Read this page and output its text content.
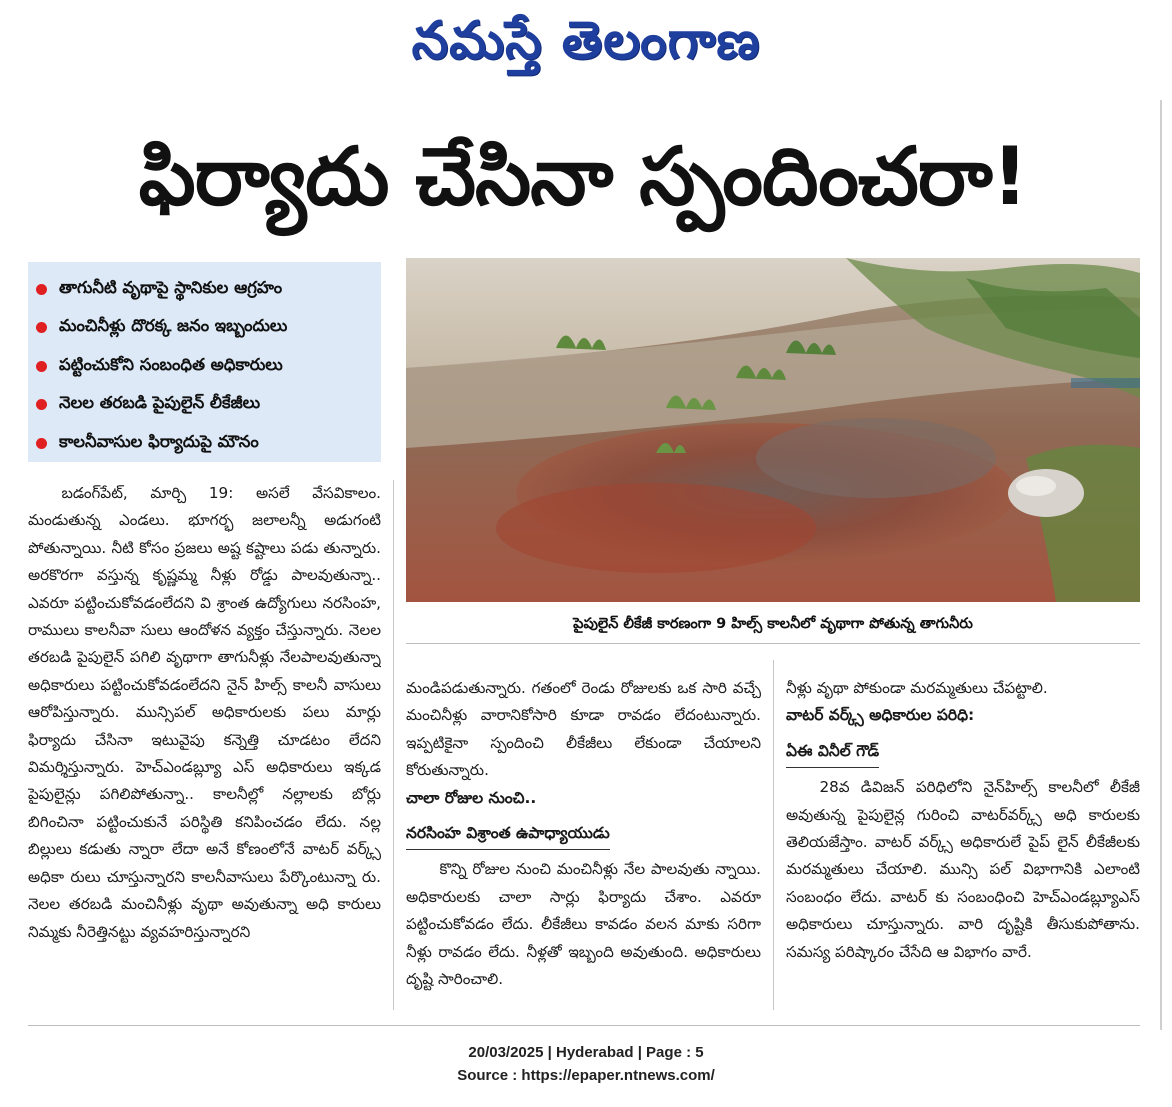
నమస్తే తెలంగాణ
ఫిర్యాదు చేసినా స్పందించరా!
తాగునీటి వృథాపై స్థానికుల ఆగ్రహం
మంచినీళ్లు దొరక్క జనం ఇబ్బందులు
పట్టించుకోని సంబంధిత అధికారులు
నెలల తరబడి పైపులైన్ లీకేజీలు
కాలనీవాసుల ఫిర్యాదుపై మౌనం
పైపులైన్ లీకేజీ కారణంగా 9 హిల్స్ కాలనీలో వృథాగా పోతున్న తాగునీరు

బడంగ్‌పేట్, మార్చి 19: అసలే వేసవికాలం. మండుతున్న ఎండలు. భూగర్భ జలాలన్నీ అడుగంటి పోతున్నాయి. నీటి కోసం ప్రజలు అష్ట కష్టాలు పడు తున్నారు. అరకొరగా వస్తున్న కృష్ణమ్మ నీళ్లు రోడ్డు పాలవుతున్నా.. ఎవరూ పట్టించుకోవడంలేదని వి శ్రాంత ఉద్యోగులు నరసింహ, రాములు కాలనీవా సులు ఆందోళన వ్యక్తం చేస్తున్నారు. నెలల తరబడి పైపులైన్ పగిలి వృథాగా తాగునీళ్లు నేలపాలవుతున్నా అధికారులు పట్టించుకోవడంలేదని నైన్ హిల్స్ కాలనీ వాసులు ఆరోపిస్తున్నారు. మున్సిపల్ అధికారులకు పలు మార్లు ఫిర్యాదు చేసినా ఇటువైపు కన్నెత్తి చూడటం లేదని విమర్శిస్తున్నారు. హెచ్‌ఎండబ్ల్యూ ఎస్ అధికారులు ఇక్కడ పైపులైన్లు పగిలిపోతున్నా.. కాలనీల్లో నల్లాలకు బోర్లు బిగించినా పట్టించుకునే పరిస్థితి కనిపించడం లేదు. నల్ల బిల్లులు కడుతు న్నారా లేదా అనే కోణంలోనే వాటర్ వర్క్స్ అధికా రులు చూస్తున్నారని కాలనీవాసులు పేర్కొంటున్నా రు. నెలల తరబడి మంచినీళ్లు వృథా అవుతున్నా అధి కారులు నిమ్మకు నీరెత్తినట్టు వ్యవహరిస్తున్నారని

మండిపడుతున్నారు. గతంలో రెండు రోజులకు ఒక సారి వచ్చే మంచినీళ్లు వారానికోసారి కూడా రావడం లేదంటున్నారు. ఇప్పటికైనా స్పందించి లీకేజీలు లేకుండా చేయాలని కోరుతున్నారు.

చాలా రోజుల నుంచి..

నరసింహ విశ్రాంత ఉపాధ్యాయుడు

కొన్ని రోజుల నుంచి మంచినీళ్లు నేల పాలవుతు న్నాయి. అధికారులకు చాలా సార్లు ఫిర్యాదు చేశాం. ఎవరూ పట్టించుకోవడం లేదు. లీకేజీలు కావడం వలన మాకు సరిగా నీళ్లు రావడం లేదు. నీళ్లతో ఇబ్బంది అవుతుంది. అధికారులు దృష్టి సారించాలి.

నీళ్లు వృథా పోకుండా మరమ్మతులు చేపట్టాలి.

వాటర్ వర్క్స్ అధికారుల పరిధి:

ఏఈ వినీల్ గౌడ్

28వ డివిజన్ పరిధిలోని నైన్‌హిల్స్ కాలనీలో లీకేజీ అవుతున్న పైపులైన్ల గురించి వాటర్‌వర్క్స్ అధి కారులకు తెలియజేస్తాం. వాటర్ వర్క్స్ అధికారులే పైప్ లైన్ లీకేజీలకు మరమ్మతులు చేయాలి. మున్సి పల్ విభాగానికి ఎలాంటి సంబంధం లేదు. వాటర్ కు సంబంధించి హెచ్‌ఎండబ్ల్యూఎస్ అధికారులు చూస్తున్నారు. వారి దృష్టికి తీసుకుపోతాను. సమస్య పరిష్కారం చేసేది ఆ విభాగం వారే.

20/03/2025 | Hyderabad | Page : 5
Source : https://epaper.ntnews.com/
